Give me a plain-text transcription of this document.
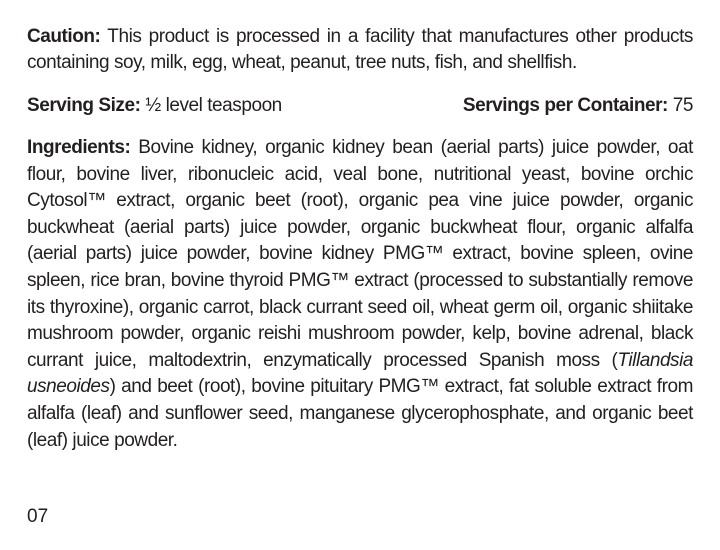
Caution: This product is processed in a facility that manufactures other products containing soy, milk, egg, wheat, peanut, tree nuts, fish, and shellfish.

Serving Size: ½ level teaspoon	Servings per Container: 75

Ingredients: Bovine kidney, organic kidney bean (aerial parts) juice powder, oat flour, bovine liver, ribonucleic acid, veal bone, nutritional yeast, bovine orchic Cytosol™ extract, organic beet (root), organic pea vine juice powder, organic buckwheat (aerial parts) juice powder, organic buckwheat flour, organic alfalfa (aerial parts) juice powder, bovine kidney PMG™ extract, bovine spleen, ovine spleen, rice bran, bovine thyroid PMG™ extract (processed to substantially remove its thyroxine), organic carrot, black currant seed oil, wheat germ oil, organic shiitake mushroom powder, organic reishi mushroom powder, kelp, bovine adrenal, black currant juice, maltodextrin, enzymatically processed Spanish moss (Tillandsia usneoides) and beet (root), bovine pituitary PMG™ extract, fat soluble extract from alfalfa (leaf) and sunflower seed, manganese glycerophosphate, and organic beet (leaf) juice powder.

07
